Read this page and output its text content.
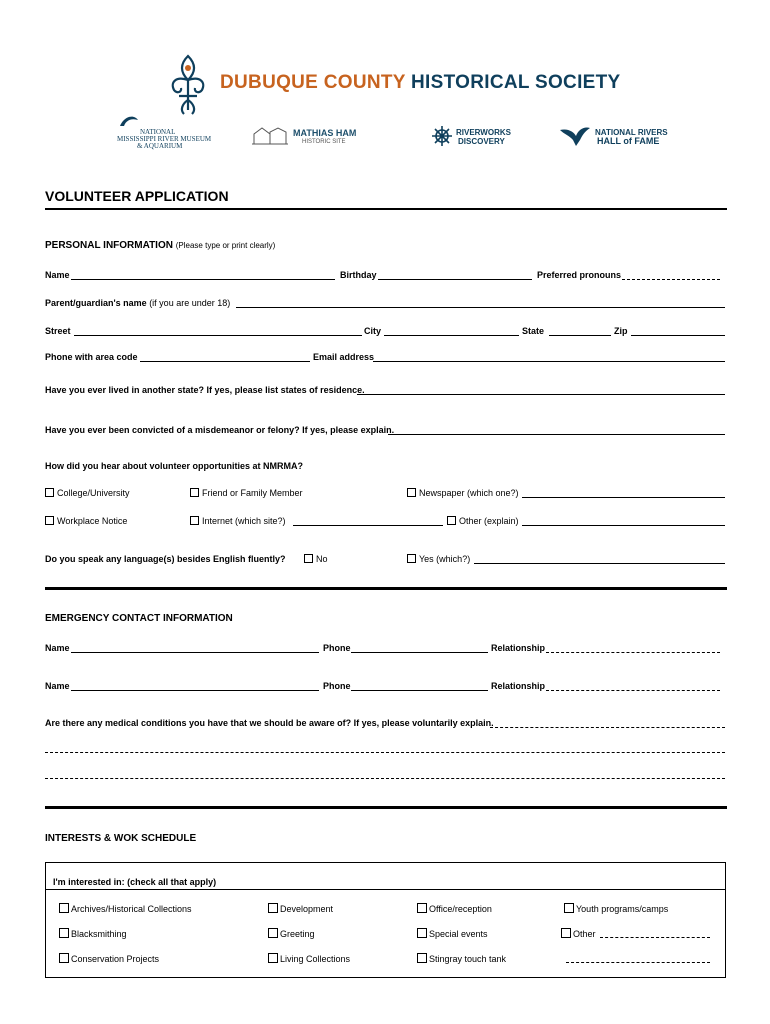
DUBUQUE COUNTY HISTORICAL SOCIETY
NATIONAL
MISSISSIPPI RIVER MUSEUM
& AQUARIUM
MATHIAS HAM
HISTORIC SITE
RIVERWORKS
DISCOVERY
NATIONAL RIVERS
HALL of FAME
VOLUNTEER APPLICATION
PERSONAL INFORMATION (Please type or print clearly)
Name	Birthday	Preferred pronouns
Parent/guardian's name (if you are under 18)
Street	City	State	Zip
Phone with area code	Email address
Have you ever lived in another state? If yes, please list states of residence.
Have you ever been convicted of a misdemeanor or felony? If yes, please explain.
How did you hear about volunteer opportunities at NMRMA?
College/University	Friend or Family Member	Newspaper (which one?)
Workplace Notice	Internet (which site?)	Other (explain)
Do you speak any language(s) besides English fluently?	No	Yes (which?)
EMERGENCY CONTACT INFORMATION
Name	Phone	Relationship
Name	Phone	Relationship
Are there any medical conditions you have that we should be aware of? If yes, please voluntarily explain.
INTERESTS & WOK SCHEDULE
I'm interested in: (check all that apply)
Archives/Historical Collections	Development	Office/reception	Youth programs/camps
Blacksmithing	Greeting	Special events	Other
Conservation Projects	Living Collections	Stingray touch tank
